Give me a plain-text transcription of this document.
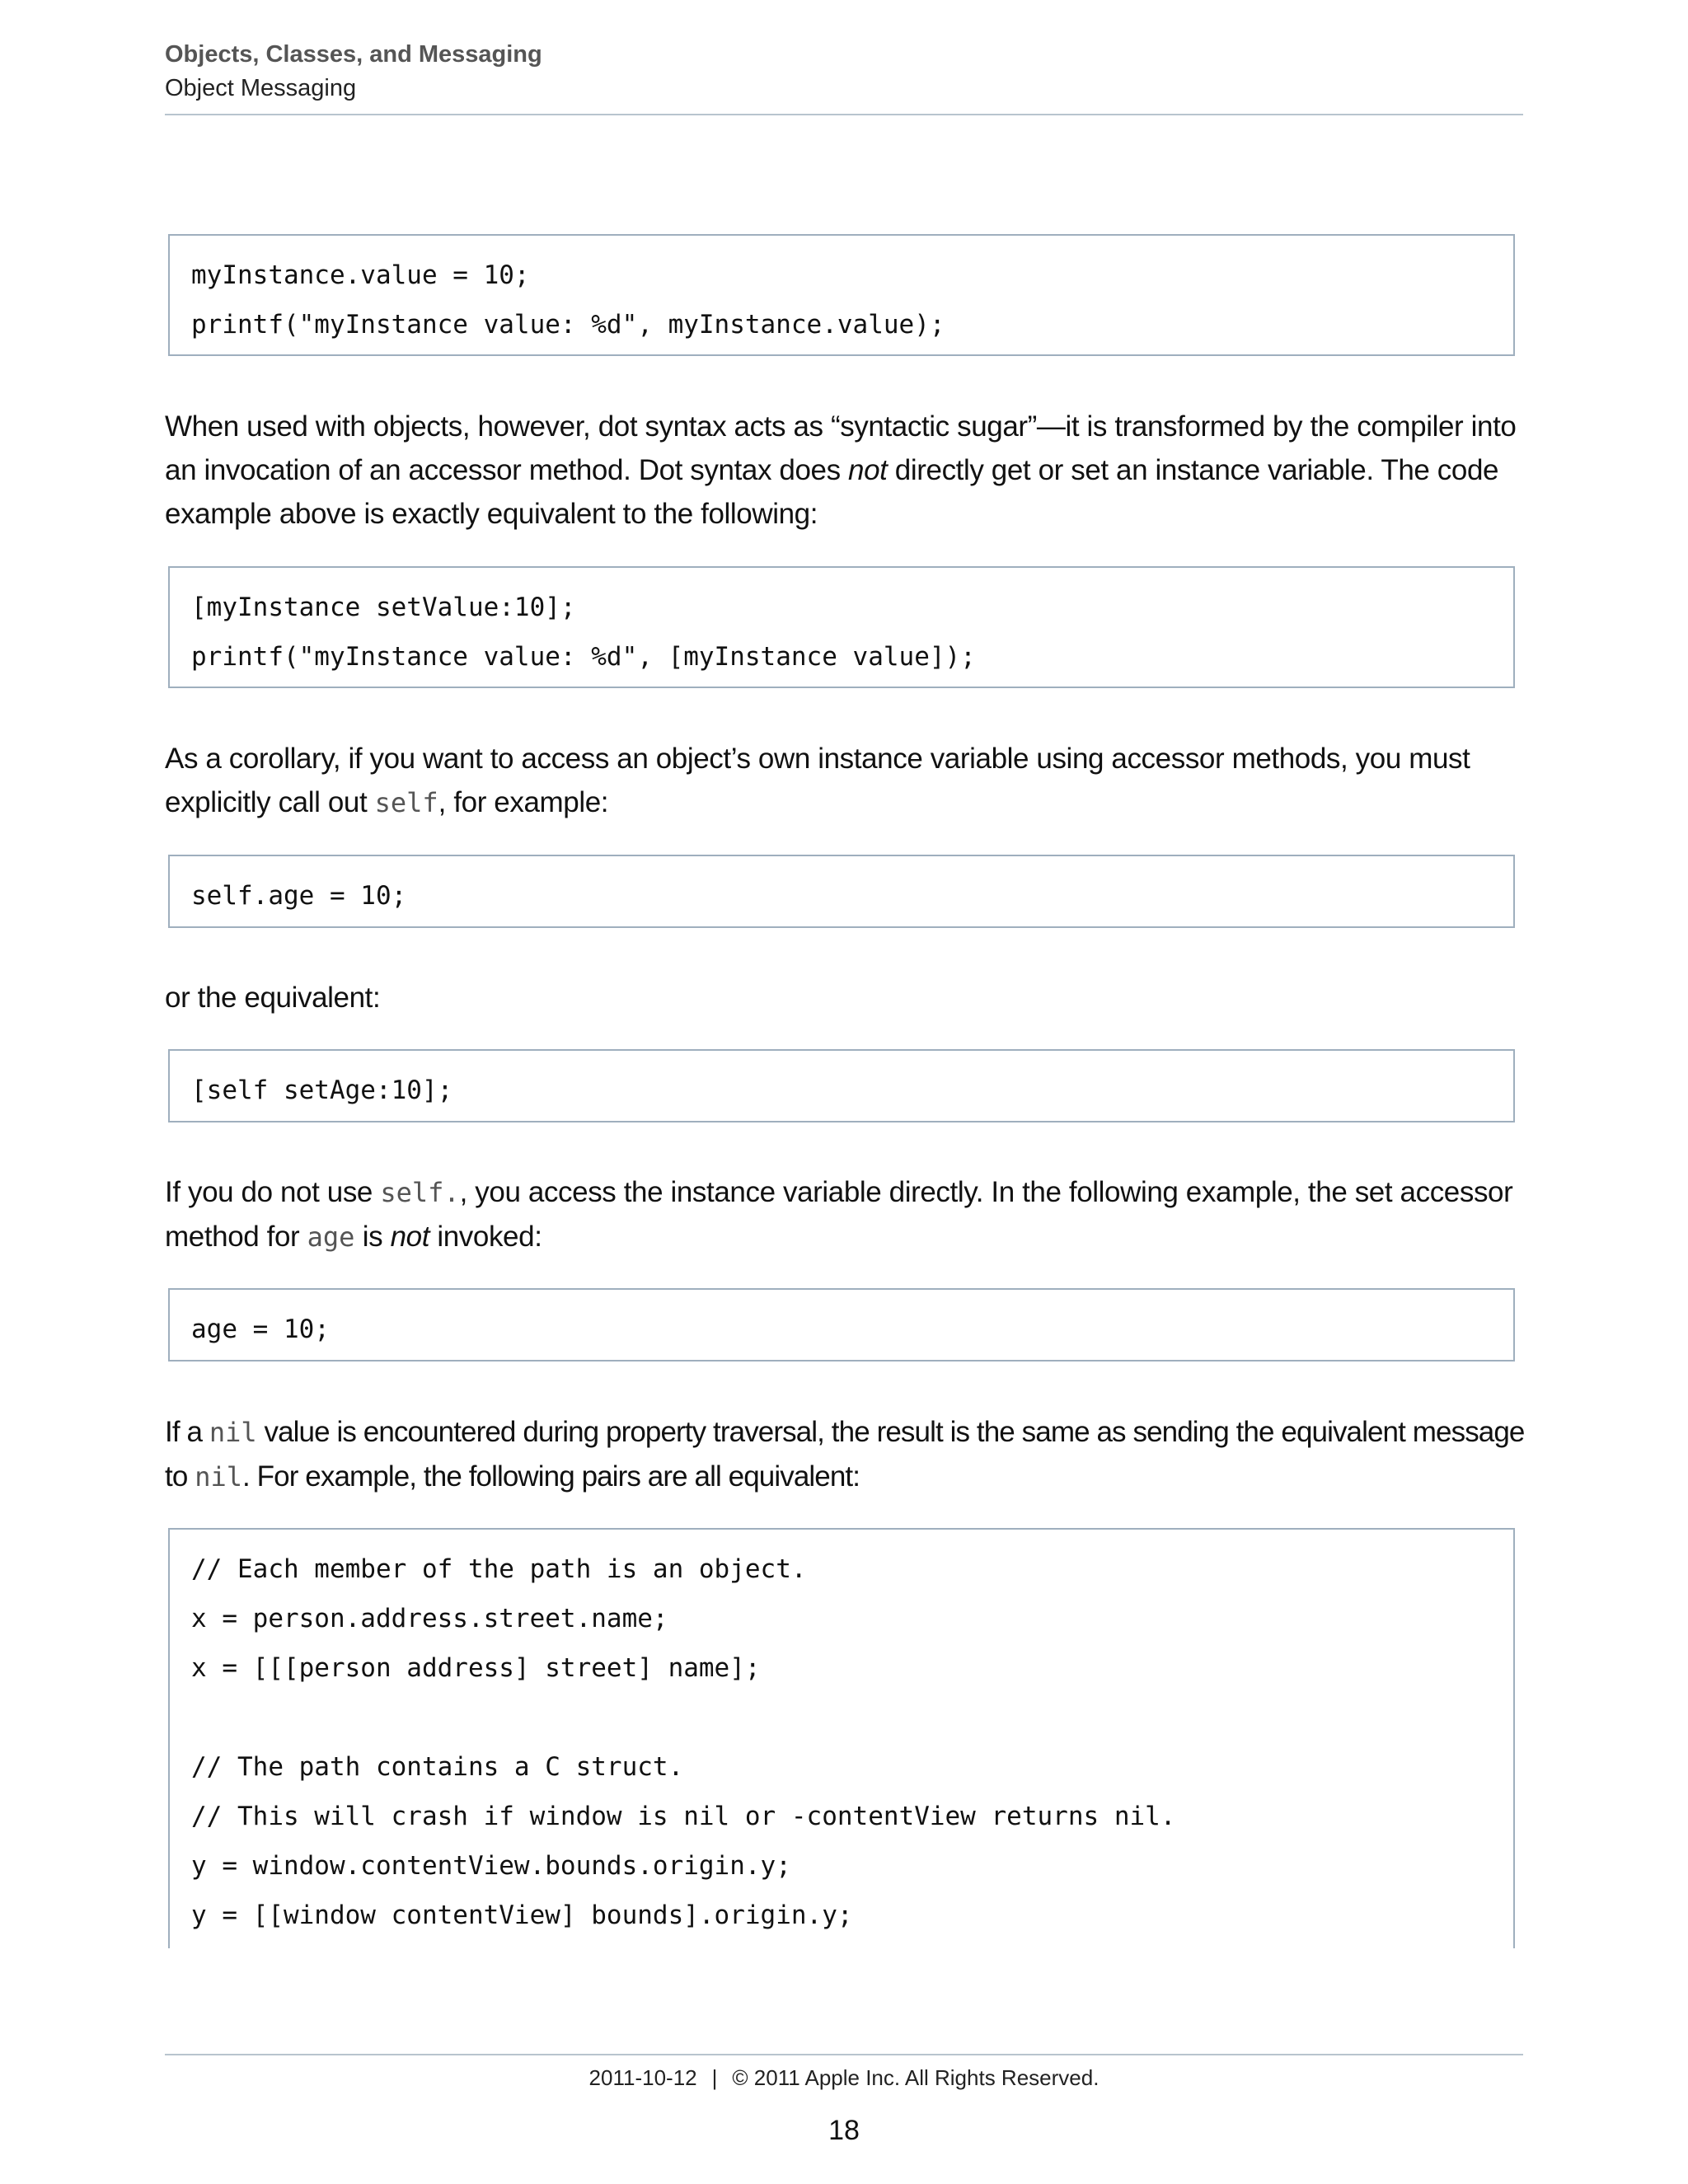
Objects, Classes, and Messaging
Object Messaging
myInstance.value = 10;
printf("myInstance value: %d", myInstance.value);
When used with objects, however, dot syntax acts as “syntactic sugar”—it is transformed by the compiler into an invocation of an accessor method. Dot syntax does not directly get or set an instance variable. The code example above is exactly equivalent to the following:
[myInstance setValue:10];
printf("myInstance value: %d", [myInstance value]);
As a corollary, if you want to access an object’s own instance variable using accessor methods, you must explicitly call out self, for example:
self.age = 10;
or the equivalent:
[self setAge:10];
If you do not use self., you access the instance variable directly. In the following example, the set accessor method for age is not invoked:
age = 10;
If a nil value is encountered during property traversal, the result is the same as sending the equivalent message to nil. For example, the following pairs are all equivalent:
// Each member of the path is an object.
x = person.address.street.name;
x = [[[person address] street] name];
// The path contains a C struct.
// This will crash if window is nil or -contentView returns nil.
y = window.contentView.bounds.origin.y;
y = [[window contentView] bounds].origin.y;
2011-10-12 | © 2011 Apple Inc. All Rights Reserved.
18
